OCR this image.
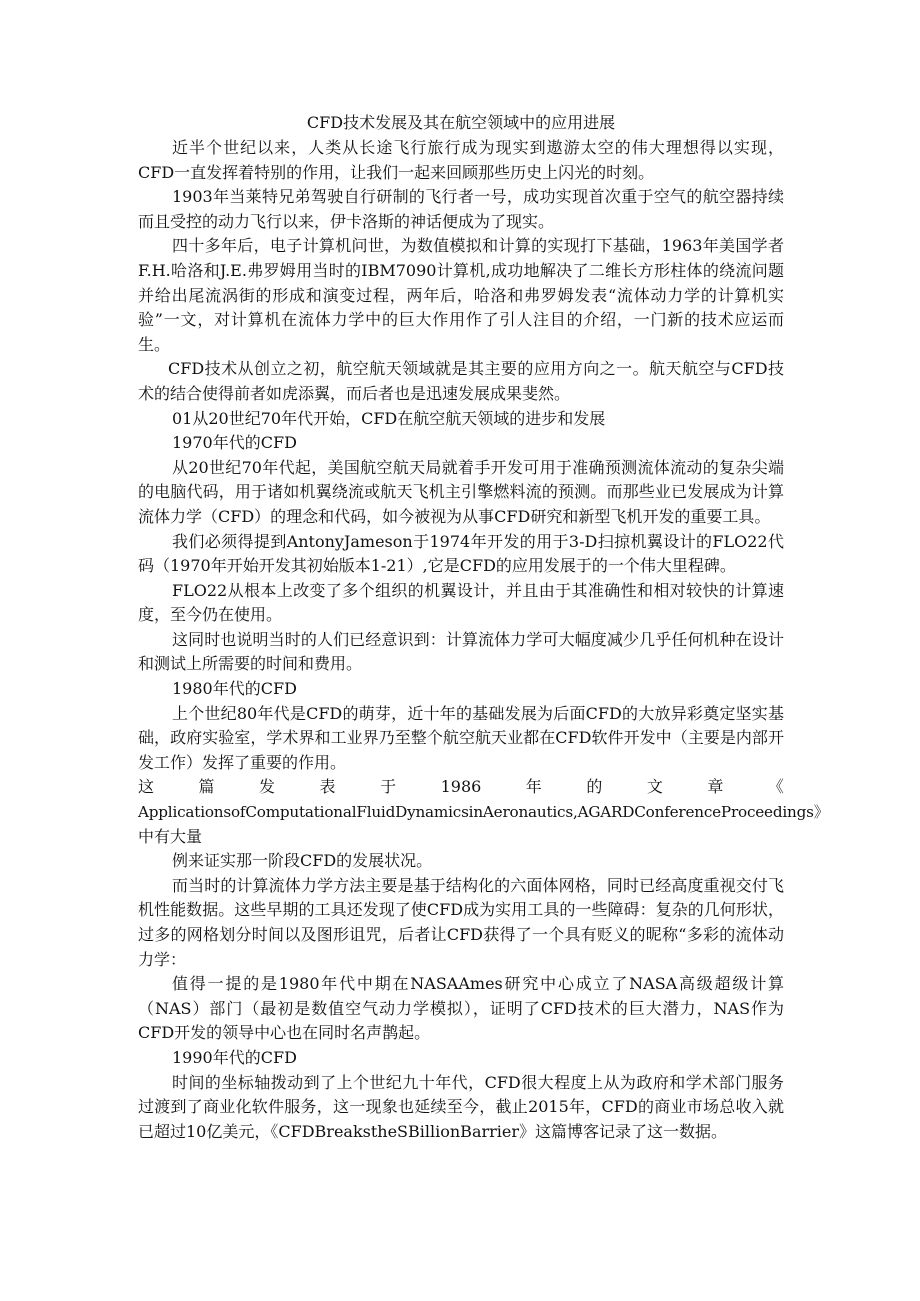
CFD技术发展及其在航空领域中的应用进展

近半个世纪以来，人类从长途飞行旅行成为现实到遨游太空的伟大理想得以实现，CFD一直发挥着特别的作用，让我们一起来回顾那些历史上闪光的时刻。

1903年当莱特兄弟驾驶自行研制的飞行者一号，成功实现首次重于空气的航空器持续而且受控的动力飞行以来，伊卡洛斯的神话便成为了现实。

四十多年后，电子计算机问世，为数值模拟和计算的实现打下基础，1963年美国学者F.H.哈洛和J.E.弗罗姆用当时的IBM7090计算机,成功地解决了二维长方形柱体的绕流问题并给出尾流涡街的形成和演变过程，两年后，哈洛和弗罗姆发表“流体动力学的计算机实验”一文，对计算机在流体力学中的巨大作用作了引人注目的介绍，一门新的技术应运而生。

CFD技术从创立之初，航空航天领域就是其主要的应用方向之一。航天航空与CFD技术的结合使得前者如虎添翼，而后者也是迅速发展成果斐然。

01从20世纪70年代开始，CFD在航空航天领域的进步和发展

1970年代的CFD

从20世纪70年代起，美国航空航天局就着手开发可用于准确预测流体流动的复杂尖端的电脑代码，用于诸如机翼绕流或航天飞机主引擎燃料流的预测。而那些业已发展成为计算流体力学（CFD）的理念和代码，如今被视为从事CFD研究和新型飞机开发的重要工具。

我们必须得提到AntonyJameson于1974年开发的用于3-D扫掠机翼设计的FLO22代码（1970年开始开发其初始版本1-21）,它是CFD的应用发展于的一个伟大里程碑。

FLO22从根本上改变了多个组织的机翼设计，并且由于其准确性和相对较快的计算速度，至今仍在使用。

这同时也说明当时的人们已经意识到：计算流体力学可大幅度减少几乎任何机种在设计和测试上所需要的时间和费用。

1980年代的CFD

上个世纪80年代是CFD的萌芽，近十年的基础发展为后面CFD的大放异彩奠定坚实基础，政府实验室，学术界和工业界乃至整个航空航天业都在CFD软件开发中（主要是内部开发工作）发挥了重要的作用。

这	篇	发	表	于	1986	年	的	文	章	《

ApplicationsofComputationalFluidDynamicsinAeronautics,AGARDConferenceProceedings》

中有大量

例来证实那一阶段CFD的发展状况。

而当时的计算流体力学方法主要是基于结构化的六面体网格，同时已经高度重视交付飞机性能数据。这些早期的工具还发现了使CFD成为实用工具的一些障碍：复杂的几何形状，过多的网格划分时间以及图形诅咒，后者让CFD获得了一个具有贬义的昵称“多彩的流体动力学：

值得一提的是1980年代中期在NASAAmes研究中心成立了NASA高级超级计算（NAS）部门（最初是数值空气动力学模拟），证明了CFD技术的巨大潜力，NAS作为CFD开发的领导中心也在同时名声鹊起。

1990年代的CFD

时间的坐标轴拨动到了上个世纪九十年代，CFD很大程度上从为政府和学术部门服务过渡到了商业化软件服务，这一现象也延续至今，截止2015年，CFD的商业市场总收入就已超过10亿美元，《CFDBreakstheSBillionBarrier》这篇博客记录了这一数据。
